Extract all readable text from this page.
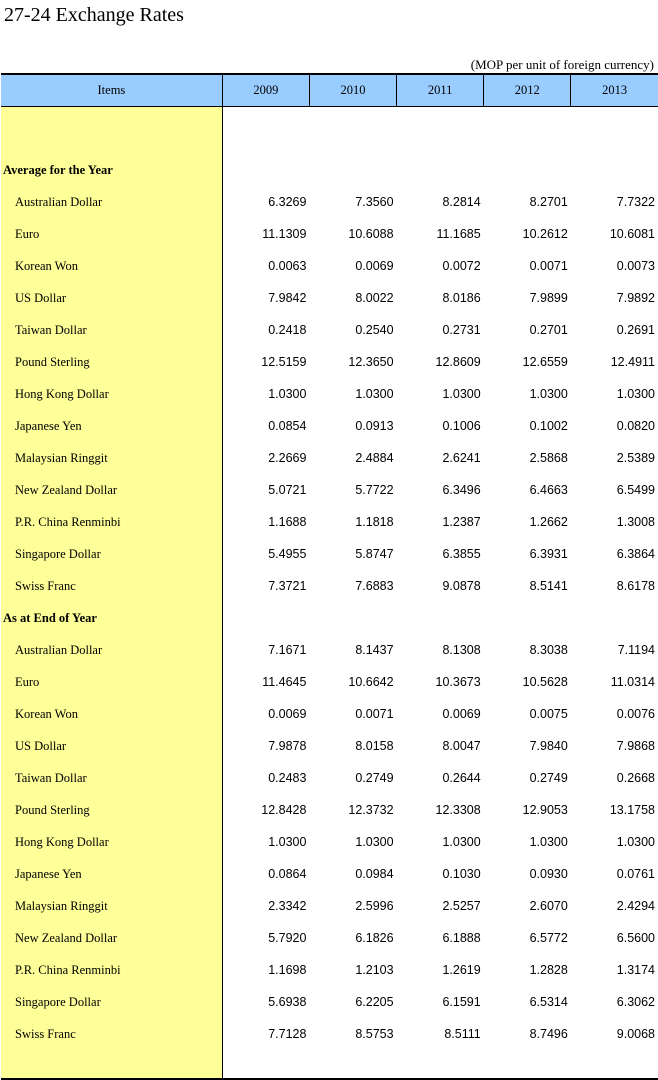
27-24 Exchange Rates
(MOP per unit of foreign currency)
Items	2009	2010	2011	2012	2013

Average for the Year					
Australian Dollar	6.3269	7.3560	8.2814	8.2701	7.7322
Euro	11.1309	10.6088	11.1685	10.2612	10.6081
Korean Won	0.0063	0.0069	0.0072	0.0071	0.0073
US Dollar	7.9842	8.0022	8.0186	7.9899	7.9892
Taiwan Dollar	0.2418	0.2540	0.2731	0.2701	0.2691
Pound Sterling	12.5159	12.3650	12.8609	12.6559	12.4911
Hong Kong Dollar	1.0300	1.0300	1.0300	1.0300	1.0300
Japanese Yen	0.0854	0.0913	0.1006	0.1002	0.0820
Malaysian Ringgit	2.2669	2.4884	2.6241	2.5868	2.5389
New Zealand Dollar	5.0721	5.7722	6.3496	6.4663	6.5499
P.R. China Renminbi	1.1688	1.1818	1.2387	1.2662	1.3008
Singapore Dollar	5.4955	5.8747	6.3855	6.3931	6.3864
Swiss Franc	7.3721	7.6883	9.0878	8.5141	8.6178
As at End of Year					
Australian Dollar	7.1671	8.1437	8.1308	8.3038	7.1194
Euro	11.4645	10.6642	10.3673	10.5628	11.0314
Korean Won	0.0069	0.0071	0.0069	0.0075	0.0076
US Dollar	7.9878	8.0158	8.0047	7.9840	7.9868
Taiwan Dollar	0.2483	0.2749	0.2644	0.2749	0.2668
Pound Sterling	12.8428	12.3732	12.3308	12.9053	13.1758
Hong Kong Dollar	1.0300	1.0300	1.0300	1.0300	1.0300
Japanese Yen	0.0864	0.0984	0.1030	0.0930	0.0761
Malaysian Ringgit	2.3342	2.5996	2.5257	2.6070	2.4294
New Zealand Dollar	5.7920	6.1826	6.1888	6.5772	6.5600
P.R. China Renminbi	1.1698	1.2103	1.2619	1.2828	1.3174
Singapore Dollar	5.6938	6.2205	6.1591	6.5314	6.3062
Swiss Franc	7.7128	8.5753	8.5111	8.7496	9.0068
